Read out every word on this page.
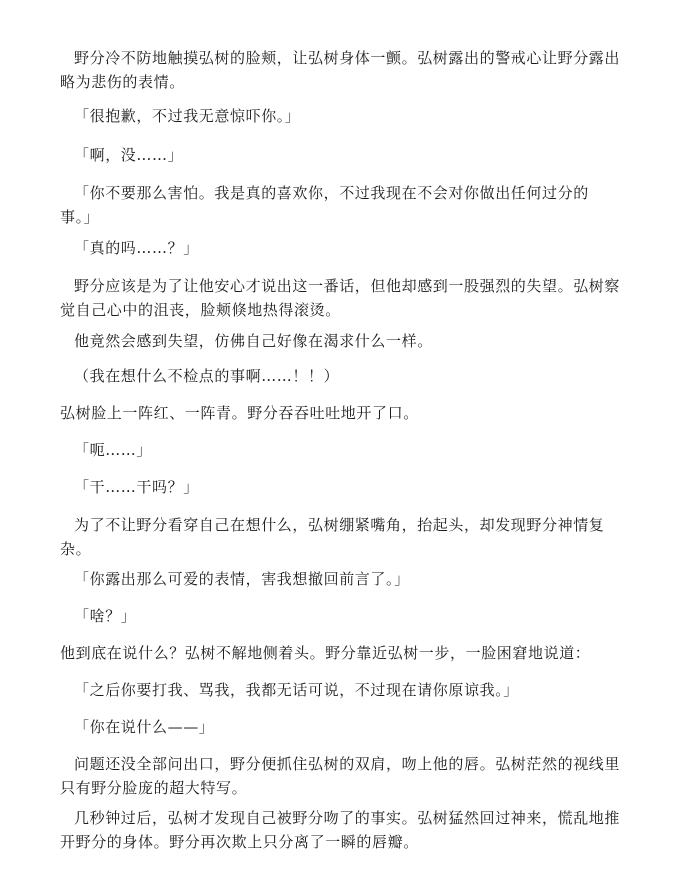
野分冷不防地触摸弘树的脸颊，让弘树身体一颤。弘树露出的警戒心让野分露出
略为悲伤的表情。

「很抱歉，不过我无意惊吓你。」

「啊，没……」

「你不要那么害怕。我是真的喜欢你，不过我现在不会对你做出任何过分的
事。」

「真的吗……？」

野分应该是为了让他安心才说出这一番话，但他却感到一股强烈的失望。弘树察
觉自己心中的沮丧，脸颊倏地热得滚烫。

他竟然会感到失望，仿佛自己好像在渴求什么一样。

（我在想什么不检点的事啊……！！）

弘树脸上一阵红、一阵青。野分吞吞吐吐地开了口。

「呃……」

「干……干吗？」

为了不让野分看穿自己在想什么，弘树绷紧嘴角，抬起头，却发现野分神情复
杂。

「你露出那么可爱的表情，害我想撤回前言了。」

「啥？」

他到底在说什么？弘树不解地侧着头。野分靠近弘树一步，一脸困窘地说道：

「之后你要打我、骂我，我都无话可说，不过现在请你原谅我。」

「你在说什么——」

问题还没全部问出口，野分便抓住弘树的双肩，吻上他的唇。弘树茫然的视线里
只有野分脸庞的超大特写。

几秒钟过后，弘树才发现自己被野分吻了的事实。弘树猛然回过神来，慌乱地推
开野分的身体。野分再次欺上只分离了一瞬的唇瓣。
